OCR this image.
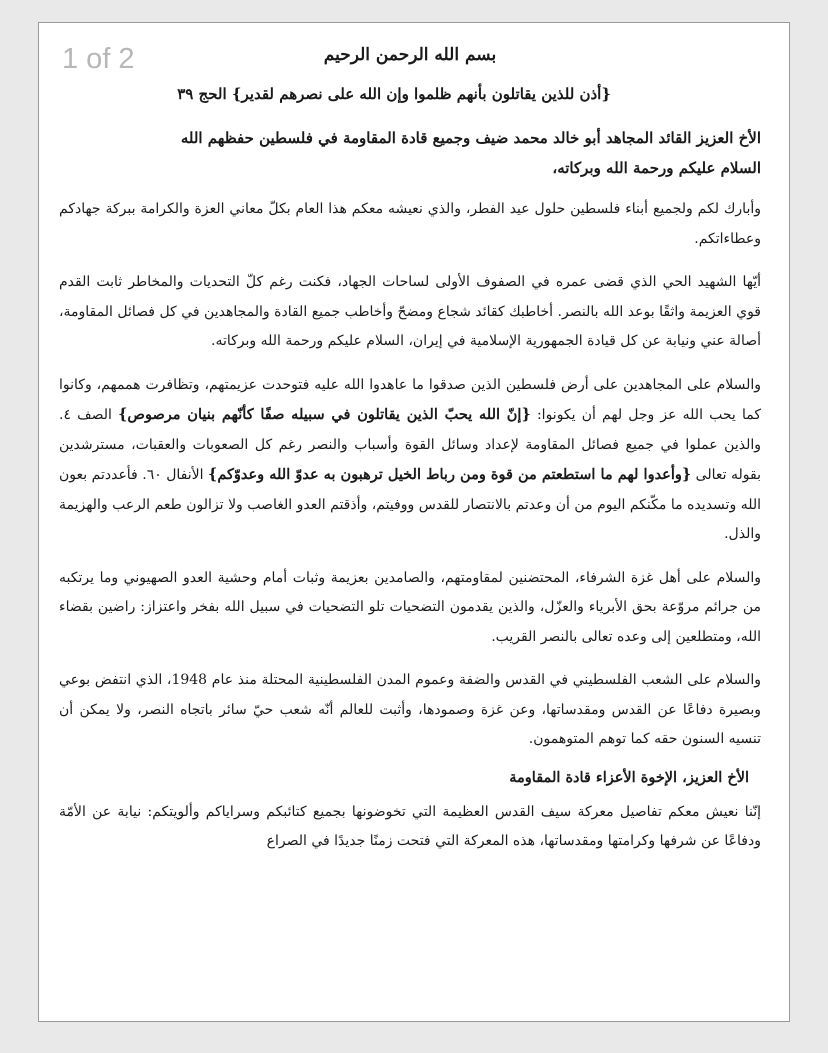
1 of 2	بسم الله الرحمن الرحيم
{أذن للذين يقاتلون بأنهم ظلموا وإن الله على نصرهم لقدير} الحج ٣٩
الأخ العزيز القائد المجاهد أبو خالد محمد ضيف وجميع قادة المقاومة في فلسطين حفظهم الله
السلام عليكم ورحمة الله وبركاته،

وأبارك لكم ولجميع أبناء فلسطين حلول عيد الفطر، والذي نعيشه معكم هذا العام بكلّ معاني العزة والكرامة ببركة جهادكم وعطاءاتكم.

أيّها الشهيد الحي الذي قضى عمره في الصفوف الأولى لساحات الجهاد، فكنت رغم كلّ التحديات والمخاطر ثابت القدم قوي العزيمة واثقًا بوعد الله بالنصر. أخاطبك كقائد شجاع ومضحّ وأخاطب جميع القادة والمجاهدين في كل فصائل المقاومة، أصالة عني ونيابة عن كل قيادة الجمهورية الإسلامية في إيران، السلام عليكم ورحمة الله وبركاته.

والسلام على المجاهدين على أرض فلسطين الذين صدقوا ما عاهدوا الله عليه فتوحدت عزيمتهم، وتظافرت هممهم، وكانوا كما يحب الله عز وجل لهم أن يكونوا: {إنّ الله يحبّ الذين يقاتلون في سبيله صفًا كأنّهم بنيان مرصوص} الصف ٤. والذين عملوا في جميع فصائل المقاومة لإعداد وسائل القوة وأسباب والنصر رغم كل الصعوبات والعقبات، مسترشدين بقوله تعالى {وأعدوا لهم ما استطعتم من قوة ومن رباط الخيل ترهبون به عدوّ الله وعدوّكم} الأنفال ٦٠. فأعددتم بعون الله وتسديده ما مكّنكم اليوم من أن وعدتم بالانتصار للقدس ووفيتم، وأذقتم العدو الغاصب ولا تزالون طعم الرعب والهزيمة والذل.

والسلام على أهل غزة الشرفاء، المحتضنين لمقاومتهم، والصامدين بعزيمة وثبات أمام وحشية العدو الصهيوني وما يرتكبه من جرائم مروّعة بحق الأبرياء والعزّل، والذين يقدمون التضحيات تلو التضحيات في سبيل الله بفخر واعتزاز: راضين بقضاء الله، ومتطلعين إلى وعده تعالى بالنصر القريب.

والسلام على الشعب الفلسطيني في القدس والضفة وعموم المدن الفلسطينية المحتلة منذ عام 1948، الذي انتفض بوعي وبصيرة دفاعًا عن القدس ومقدساتها، وعن غزة وصمودها، وأثبت للعالم أنّه شعب حيّ سائر باتجاه النصر، ولا يمكن أن تنسيه السنون حقه كما توهم المتوهمون.

الأخ العزيز، الإخوة الأعزاء قادة المقاومة

إنّنا نعيش معكم تفاصيل معركة سيف القدس العظيمة التي تخوضونها بجميع كتائبكم وسراياكم وألويتكم: نيابة عن الأمّة ودفاعًا عن شرفها وكرامتها ومقدساتها، هذه المعركة التي فتحت زمنًا جديدًا في الصراع
